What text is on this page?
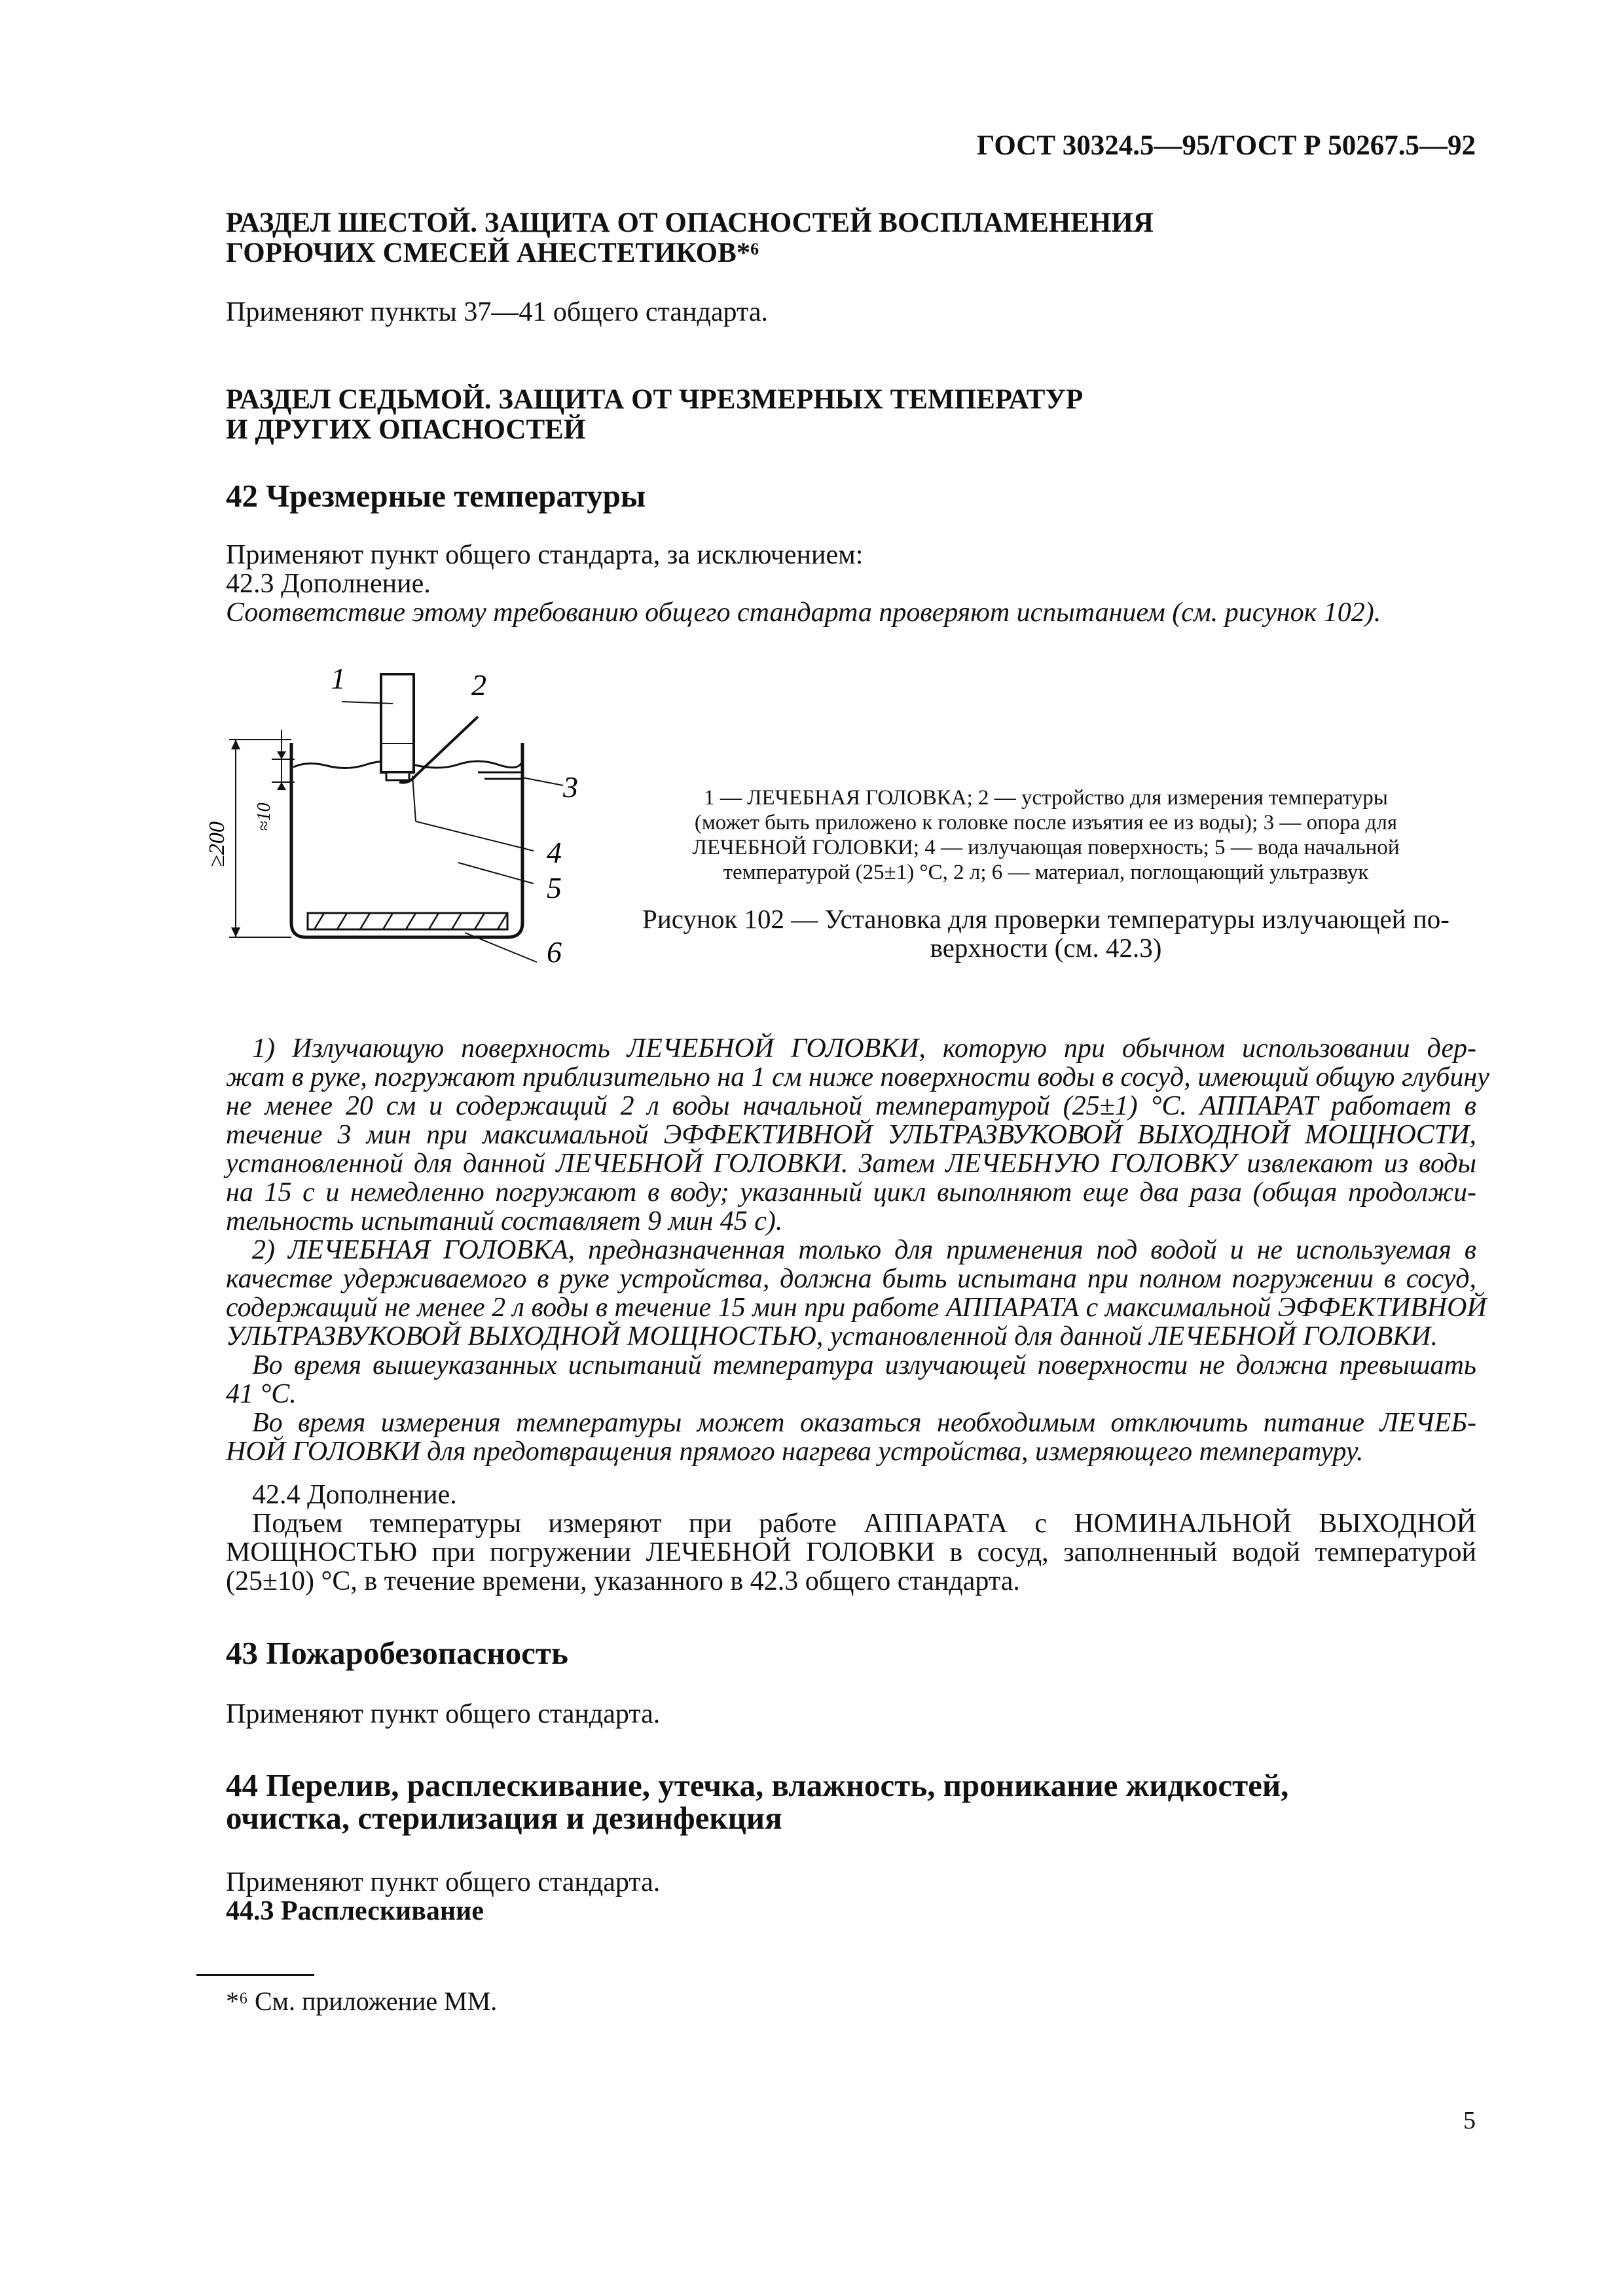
ГОСТ 30324.5—95/ГОСТ Р 50267.5—92
РАЗДЕЛ ШЕСТОЙ. ЗАЩИТА ОТ ОПАСНОСТЕЙ ВОСПЛАМЕНЕНИЯ
ГОРЮЧИХ СМЕСЕЙ АНЕСТЕТИКОВ*⁶
Применяют пункты 37—41 общего стандарта.
РАЗДЕЛ СЕДЬМОЙ. ЗАЩИТА ОТ ЧРЕЗМЕРНЫХ ТЕМПЕРАТУР
И ДРУГИХ ОПАСНОСТЕЙ
42 Чрезмерные температуры
Применяют пункт общего стандарта, за исключением:
42.3 Дополнение.
Соответствие этому требованию общего стандарта проверяют испытанием (см. рисунок 102).
≥200
≈10
1	2
3
4
5
6
1 — ЛЕЧЕБНАЯ ГОЛОВКА; 2 — устройство для измерения температуры
(может быть приложено к головке после изъятия ее из воды); 3 — опора для
ЛЕЧЕБНОЙ ГОЛОВКИ; 4 — излучающая поверхность; 5 — вода начальной
температурой (25±1) °С, 2 л; 6 — материал, поглощающий ультразвук
Рисунок 102 — Установка для проверки температуры излучающей по-
верхности (см. 42.3)
1) Излучающую поверхность ЛЕЧЕБНОЙ ГОЛОВКИ, которую при обычном использовании дер-
жат в руке, погружают приблизительно на 1 см ниже поверхности воды в сосуд, имеющий общую глубину
не менее 20 см и содержащий 2 л воды начальной температурой (25±1) °С. АППАРАТ работает в
течение 3 мин при максимальной ЭФФЕКТИВНОЙ УЛЬТРАЗВУКОВОЙ ВЫХОДНОЙ МОЩНОСТИ,
установленной для данной ЛЕЧЕБНОЙ ГОЛОВКИ. Затем ЛЕЧЕБНУЮ ГОЛОВКУ извлекают из воды
на 15 с и немедленно погружают в воду; указанный цикл выполняют еще два раза (общая продолжи-
тельность испытаний составляет 9 мин 45 с).
2) ЛЕЧЕБНАЯ ГОЛОВКА, предназначенная только для применения под водой и не используемая в
качестве удерживаемого в руке устройства, должна быть испытана при полном погружении в сосуд,
содержащий не менее 2 л воды в течение 15 мин при работе АППАРАТА с максимальной ЭФФЕКТИВНОЙ
УЛЬТРАЗВУКОВОЙ ВЫХОДНОЙ МОЩНОСТЬЮ, установленной для данной ЛЕЧЕБНОЙ ГОЛОВКИ.
Во время вышеуказанных испытаний температура излучающей поверхности не должна превышать
41 °С.
Во время измерения температуры может оказаться необходимым отключить питание ЛЕЧЕБ-
НОЙ ГОЛОВКИ для предотвращения прямого нагрева устройства, измеряющего температуру.
42.4 Дополнение.
Подъем температуры измеряют при работе АППАРАТА с НОМИНАЛЬНОЙ ВЫХОДНОЙ
МОЩНОСТЬЮ при погружении ЛЕЧЕБНОЙ ГОЛОВКИ в сосуд, заполненный водой температурой
(25±10) °С, в течение времени, указанного в 42.3 общего стандарта.
43 Пожаробезопасность
Применяют пункт общего стандарта.
44 Перелив, расплескивание, утечка, влажность, проникание жидкостей,
очистка, стерилизация и дезинфекция
Применяют пункт общего стандарта.
44.3 Расплескивание
*⁶ См. приложение ММ.
5
